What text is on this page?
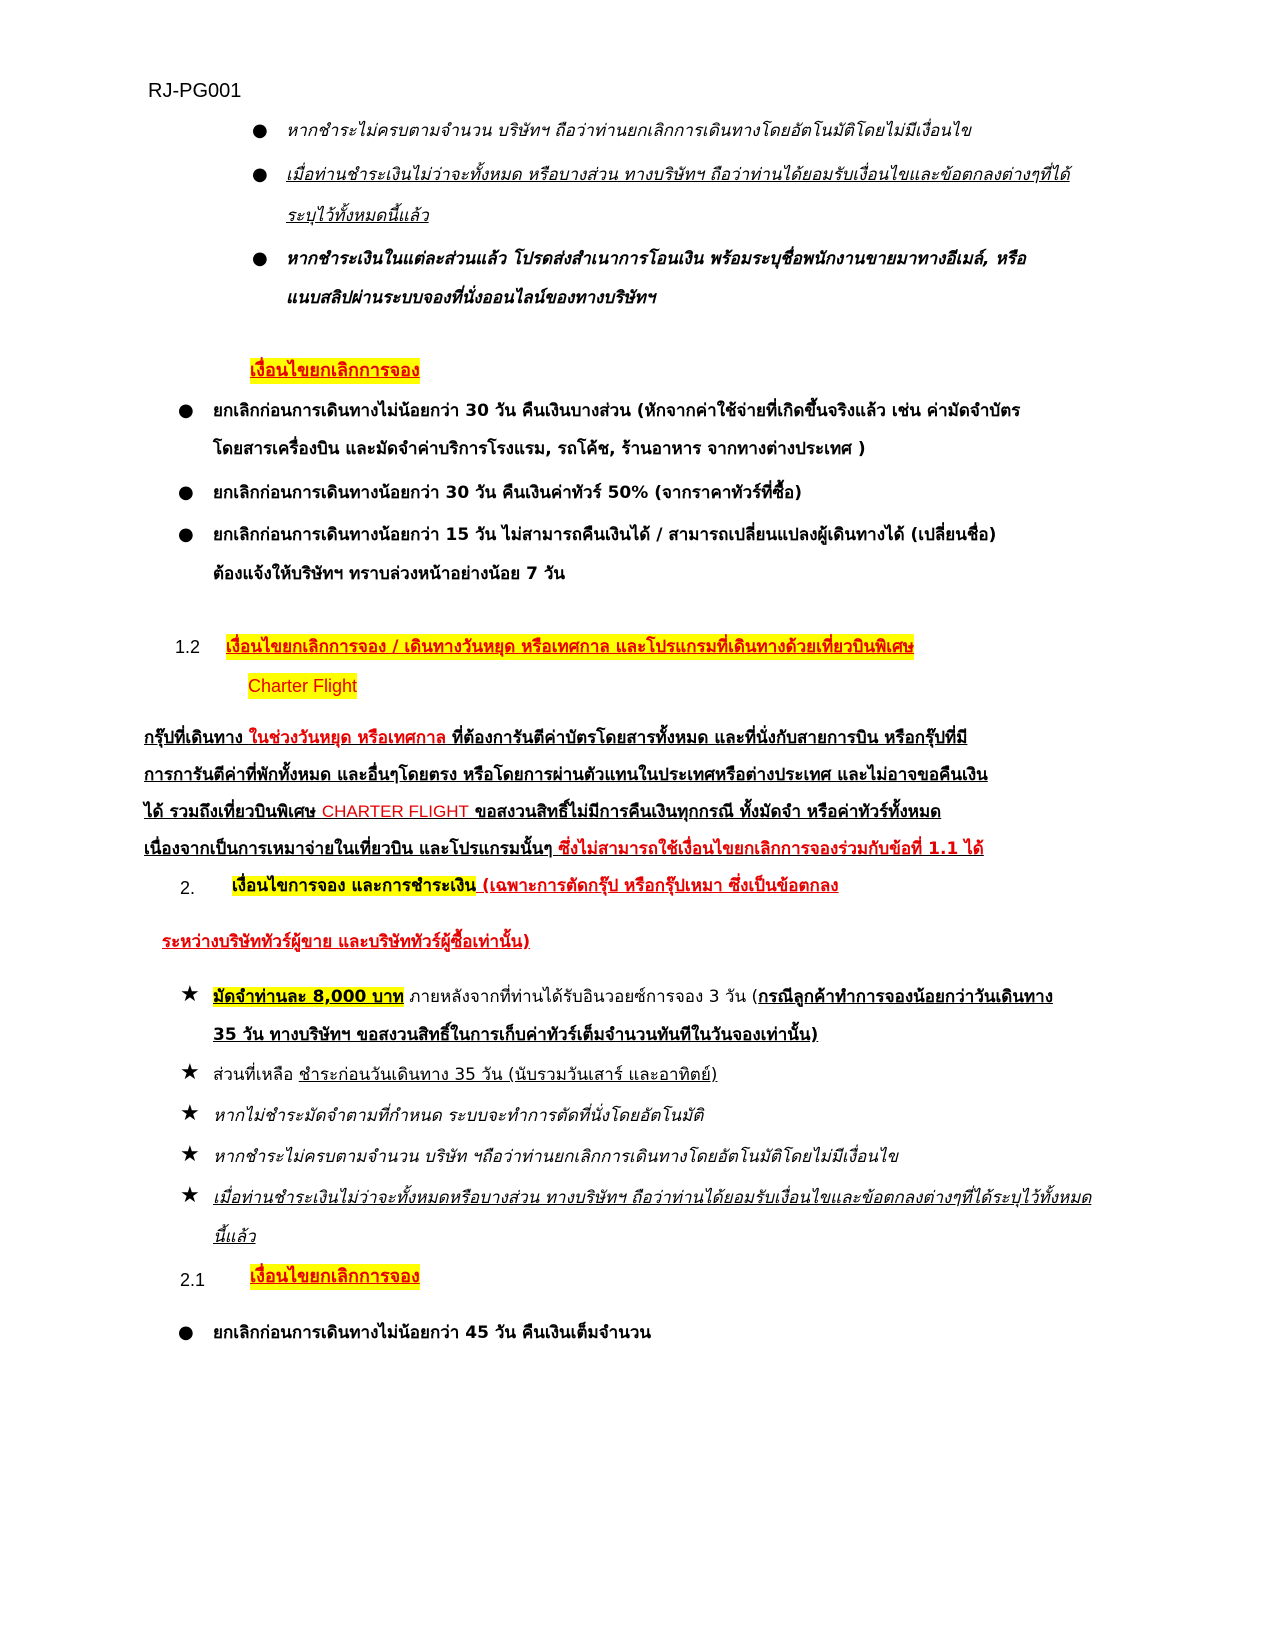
RJ-PG001
● หากชำระไม่ครบตามจำนวน บริษัทฯ ถือว่าท่านยกเลิกการเดินทางโดยอัตโนมัติโดยไม่มีเงื่อนไข
● เมื่อท่านชำระเงินไม่ว่าจะทั้งหมด หรือบางส่วน ทางบริษัทฯ ถือว่าท่านได้ยอมรับเงื่อนไขและข้อตกลงต่างๆที่ได้
ระบุไว้ทั้งหมดนี้แล้ว
● หากชำระเงินในแต่ละส่วนแล้ว โปรดส่งสำเนาการโอนเงิน พร้อมระบุชื่อพนักงานขายมาทางอีเมล์, หรือ
แนบสลิปผ่านระบบจองที่นั่งออนไลน์ของทางบริษัทฯ
เงื่อนไขยกเลิกการจอง
● ยกเลิกก่อนการเดินทางไม่น้อยกว่า 30 วัน คืนเงินบางส่วน (หักจากค่าใช้จ่ายที่เกิดขึ้นจริงแล้ว เช่น ค่ามัดจำบัตร
โดยสารเครื่องบิน และมัดจำค่าบริการโรงแรม, รถโค้ช, ร้านอาหาร จากทางต่างประเทศ )
● ยกเลิกก่อนการเดินทางน้อยกว่า 30 วัน คืนเงินค่าทัวร์ 50% (จากราคาทัวร์ที่ซื้อ)
● ยกเลิกก่อนการเดินทางน้อยกว่า 15 วัน ไม่สามารถคืนเงินได้ / สามารถเปลี่ยนแปลงผู้เดินทางได้ (เปลี่ยนชื่อ)
ต้องแจ้งให้บริษัทฯ ทราบล่วงหน้าอย่างน้อย 7 วัน
1.2 เงื่อนไขยกเลิกการจอง / เดินทางวันหยุด หรือเทศกาล และโปรแกรมที่เดินทางด้วยเที่ยวบินพิเศษ
Charter Flight
กรุ๊ปที่เดินทาง ในช่วงวันหยุด หรือเทศกาล ที่ต้องการันตีค่าบัตรโดยสารทั้งหมด และที่นั่งกับสายการบิน หรือกรุ๊ปที่มี
การการันตีค่าที่พักทั้งหมด และอื่นๆโดยตรง หรือโดยการผ่านตัวแทนในประเทศหรือต่างประเทศ และไม่อาจขอคืนเงิน
ได้ รวมถึงเที่ยวบินพิเศษ CHARTER FLIGHT ขอสงวนสิทธิ์ไม่มีการคืนเงินทุกกรณี ทั้งมัดจำ หรือค่าทัวร์ทั้งหมด
เนื่องจากเป็นการเหมาจ่ายในเที่ยวบิน และโปรแกรมนั้นๆ ซึ่งไม่สามารถใช้เงื่อนไขยกเลิกการจองร่วมกับข้อที่ 1.1 ได้
2. เงื่อนไขการจอง และการชำระเงิน (เฉพาะการตัดกรุ๊ป หรือกรุ๊ปเหมา ซึ่งเป็นข้อตกลง
ระหว่างบริษัททัวร์ผู้ขาย และบริษัททัวร์ผู้ซื้อเท่านั้น)
★ มัดจำท่านละ 8,000 บาท ภายหลังจากที่ท่านได้รับอินวอยซ์การจอง 3 วัน (กรณีลูกค้าทำการจองน้อยกว่าวันเดินทาง
35 วัน ทางบริษัทฯ ขอสงวนสิทธิ์ในการเก็บค่าทัวร์เต็มจำนวนทันทีในวันจองเท่านั้น)
★ ส่วนที่เหลือ ชำระก่อนวันเดินทาง 35 วัน (นับรวมวันเสาร์ และอาทิตย์)
★ หากไม่ชำระมัดจำตามที่กำหนด ระบบจะทำการตัดที่นั่งโดยอัตโนมัติ
★ หากชำระไม่ครบตามจำนวน บริษัท ฯถือว่าท่านยกเลิกการเดินทางโดยอัตโนมัติโดยไม่มีเงื่อนไข
★ เมื่อท่านชำระเงินไม่ว่าจะทั้งหมดหรือบางส่วน ทางบริษัทฯ ถือว่าท่านได้ยอมรับเงื่อนไขและข้อตกลงต่างๆที่ได้ระบุไว้ทั้งหมด
นี้แล้ว
2.1 เงื่อนไขยกเลิกการจอง
● ยกเลิกก่อนการเดินทางไม่น้อยกว่า 45 วัน คืนเงินเต็มจำนวน
